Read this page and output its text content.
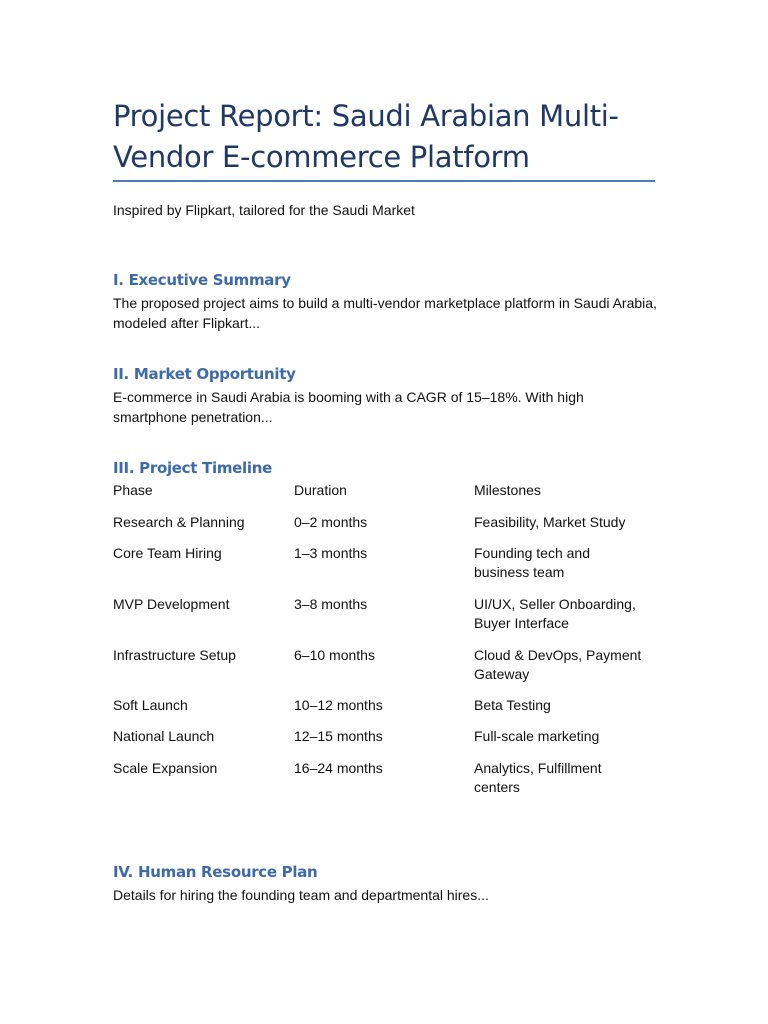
Project Report: Saudi Arabian Multi-Vendor E-commerce Platform

Inspired by Flipkart, tailored for the Saudi Market

I. Executive Summary

The proposed project aims to build a multi-vendor marketplace platform in Saudi Arabia, modeled after Flipkart...

II. Market Opportunity

E-commerce in Saudi Arabia is booming with a CAGR of 15–18%. With high smartphone penetration...

III. Project Timeline

Phase	Duration	Milestones

Research & Planning	0–2 months	Feasibility, Market Study

Core Team Hiring	1–3 months	Founding tech and business team

MVP Development	3–8 months	UI/UX, Seller Onboarding, Buyer Interface

Infrastructure Setup	6–10 months	Cloud & DevOps, Payment Gateway

Soft Launch	10–12 months	Beta Testing

National Launch	12–15 months	Full-scale marketing

Scale Expansion	16–24 months	Analytics, Fulfillment centers

IV. Human Resource Plan

Details for hiring the founding team and departmental hires...
